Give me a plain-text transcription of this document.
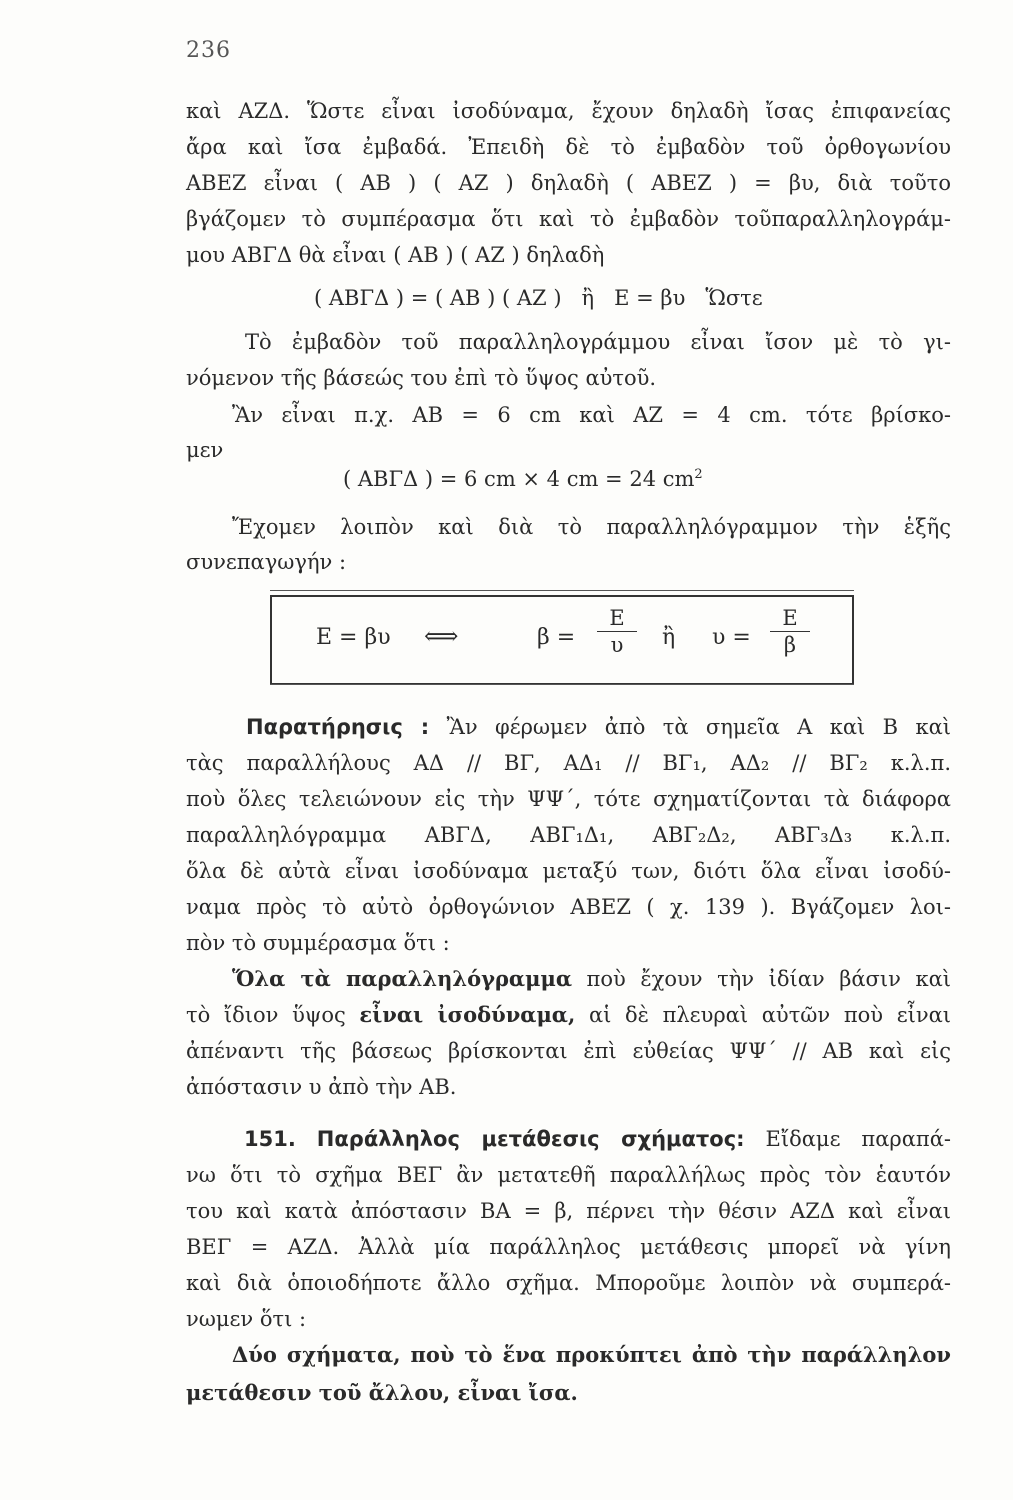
236
καὶ ΑΖΔ. Ὥστε εἶναι ἰσοδύναμα, ἔχουν δηλαδὴ ἴσας ἐπιφανείας
ἄρα καὶ ἴσα ἐμβαδά. Ἐπειδὴ δὲ τὸ ἐμβαδὸν τοῦ ὀρθογωνίου
ΑΒΕΖ εἶναι ( ΑΒ ) ( ΑΖ ) δηλαδὴ ( ΑΒΕΖ ) = βυ, διὰ τοῦτο
βγάζομεν τὸ συμπέρασμα ὅτι καὶ τὸ ἐμβαδὸν τοῦπαραλληλογράμ-
μου ΑΒΓΔ θὰ εἶναι ( ΑΒ ) ( ΑΖ ) δηλαδὴ
( ΑΒΓΔ ) = ( ΑΒ ) ( ΑΖ )   ἢ   Ε = βυ   Ὥστε
Τὸ ἐμβαδὸν τοῦ παραλληλογράμμου εἶναι ἴσον μὲ τὸ γι-
νόμενον τῆς βάσεώς του ἐπὶ τὸ ὕψος αὐτοῦ.
Ἂν εἶναι π.χ. ΑΒ = 6 cm καὶ ΑΖ = 4 cm. τότε βρίσκο-
μεν
( ΑΒΓΔ ) = 6 cm × 4 cm = 24 $cm^2$
Ἔχομεν λοιπὸν καὶ διὰ τὸ παραλληλόγραμμον τὴν ἑξῆς
συνεπαγωγήν :
Ε = βυ ⟺	$\beta = \frac{E}{\upsilon}$ ἢ $\upsilon = \frac{E}{\beta}$
Παρατήρησις : Ἂν φέρωμεν ἀπὸ τὰ σημεῖα Α καὶ Β καὶ
τὰς παραλλήλους ΑΔ // ΒΓ, ΑΔ₁ // ΒΓ₁, ΑΔ₂ // ΒΓ₂ κ.λ.π.
ποὺ ὅλες τελειώνουν εἰς τὴν ΨΨ΄, τότε σχηματίζονται τὰ διάφορα
παραλληλόγραμμα ΑΒΓΔ, ΑΒΓ₁Δ₁, ΑΒΓ₂Δ₂, ΑΒΓ₃Δ₃ κ.λ.π.
ὅλα δὲ αὐτὰ εἶναι ἰσοδύναμα μεταξύ των, διότι ὅλα εἶναι ἰσοδύ-
ναμα πρὸς τὸ αὐτὸ ὀρθογώνιον ΑΒΕΖ ( χ. 139 ). Βγάζομεν λοι-
πὸν τὸ συμμέρασμα ὅτι :
Ὅλα τὰ παραλληλόγραμμα ποὺ ἔχουν τὴν ἰδίαν βάσιν καὶ
τὸ ἴδιον ὕψος εἶναι ἰσοδύναμα, αἱ δὲ πλευραὶ αὐτῶν ποὺ εἶναι
ἀπέναντι τῆς βάσεως βρίσκονται ἐπὶ εὐθείας ΨΨ΄ // ΑΒ καὶ εἰς
ἀπόστασιν υ ἀπὸ τὴν ΑΒ.
151. Παράλληλος μετάθεσις σχήματος: Εἴδαμε παραπά-
νω ὅτι τὸ σχῆμα ΒΕΓ ἂν μετατεθῆ παραλλήλως πρὸς τὸν ἑαυτόν
του καὶ κατὰ ἀπόστασιν ΒΑ = β, πέρνει τὴν θέσιν ΑΖΔ καὶ εἶναι
ΒΕΓ = ΑΖΔ. Ἀλλὰ μία παράλληλος μετάθεσις μπορεῖ νὰ γίνη
καὶ διὰ ὁποιοδήποτε ἄλλο σχῆμα. Μποροῦμε λοιπὸν νὰ συμπερά-
νωμεν ὅτι :
Δύο σχήματα, ποὺ τὸ ἕνα προκύπτει ἀπὸ τὴν παράλληλον
μετάθεσιν τοῦ ἄλλου, εἶναι ἴσα.
